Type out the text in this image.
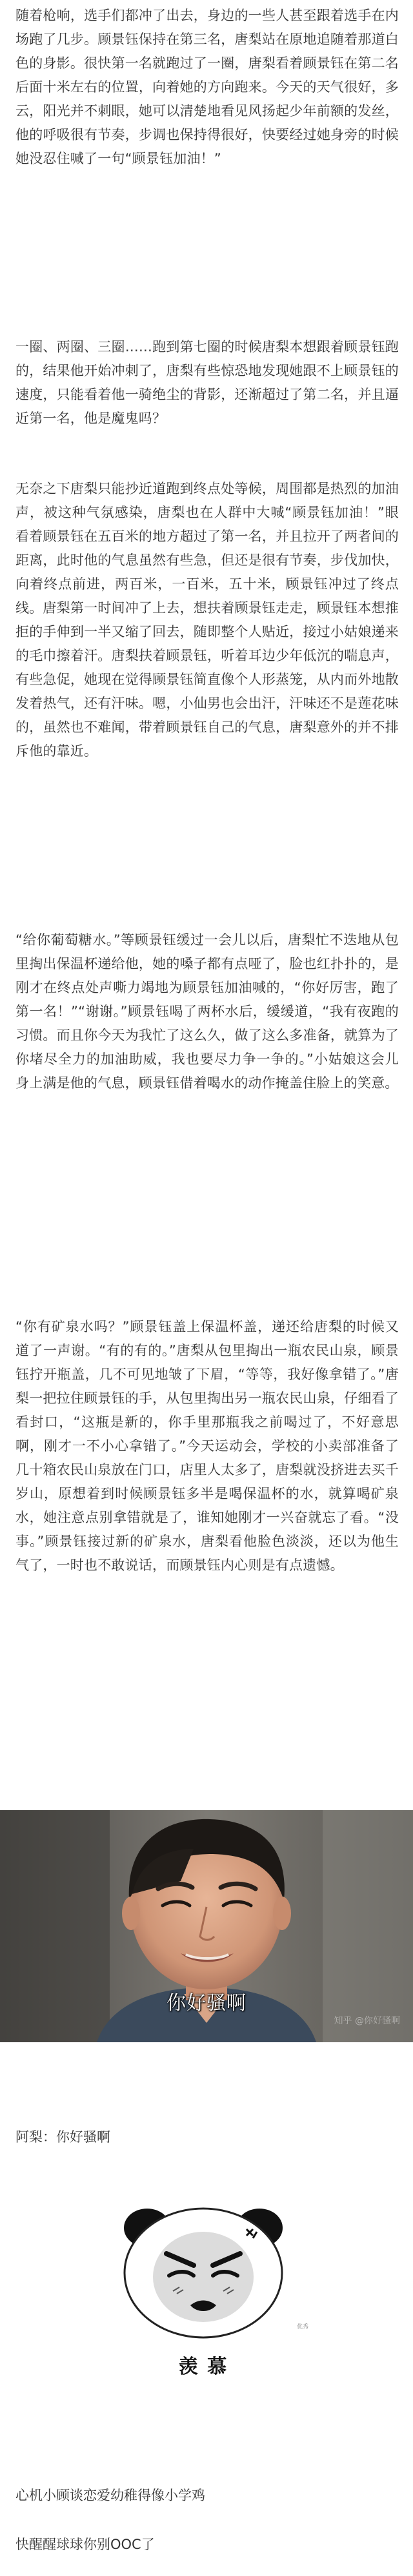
随着枪响，选手们都冲了出去，身边的一些人甚至跟着选手在内场跑了几步。顾景钰保持在第三名，唐梨站在原地追随着那道白色的身影。很快第一名就跑过了一圈，唐梨看着顾景钰在第二名后面十米左右的位置，向着她的方向跑来。今天的天气很好，多云，阳光并不刺眼，她可以清楚地看见风扬起少年前额的发丝，他的呼吸很有节奏，步调也保持得很好，快要经过她身旁的时候她没忍住喊了一句“顾景钰加油！”

一圈、两圈、三圈……跑到第七圈的时候唐梨本想跟着顾景钰跑的，结果他开始冲刺了，唐梨有些惊恐地发现她跟不上顾景钰的速度，只能看着他一骑绝尘的背影，还渐超过了第二名，并且逼近第一名，他是魔鬼吗？

无奈之下唐梨只能抄近道跑到终点处等候，周围都是热烈的加油声，被这种气氛感染，唐梨也在人群中大喊“顾景钰加油！”眼看着顾景钰在五百米的地方超过了第一名，并且拉开了两者间的距离，此时他的气息虽然有些急，但还是很有节奏，步伐加快，向着终点前进，两百米，一百米，五十米，顾景钰冲过了终点线。唐梨第一时间冲了上去，想扶着顾景钰走走，顾景钰本想推拒的手伸到一半又缩了回去，随即整个人贴近，接过小姑娘递来的毛巾擦着汗。唐梨扶着顾景钰，听着耳边少年低沉的喘息声，有些急促，她现在觉得顾景钰简直像个人形蒸笼，从内而外地散发着热气，还有汗味。嗯，小仙男也会出汗，汗味还不是莲花味的，虽然也不难闻，带着顾景钰自己的气息，唐梨意外的并不排斥他的靠近。

“给你葡萄糖水。”等顾景钰缓过一会儿以后，唐梨忙不迭地从包里掏出保温杯递给他，她的嗓子都有点哑了，脸也红扑扑的，是刚才在终点处声嘶力竭地为顾景钰加油喊的，“你好厉害，跑了第一名！”“谢谢。”顾景钰喝了两杯水后，缓缓道，“我有夜跑的习惯。而且你今天为我忙了这么久，做了这么多准备，就算为了你堵尽全力的加油助威，我也要尽力争一争的。”小姑娘这会儿身上满是他的气息，顾景钰借着喝水的动作掩盖住脸上的笑意。

“你有矿泉水吗？”顾景钰盖上保温杯盖，递还给唐梨的时候又道了一声谢。“有的有的。”唐梨从包里掏出一瓶农民山泉，顾景钰拧开瓶盖，几不可见地皱了下眉，“等等，我好像拿错了。”唐梨一把拉住顾景钰的手，从包里掏出另一瓶农民山泉，仔细看了看封口，“这瓶是新的，你手里那瓶我之前喝过了，不好意思啊，刚才一不小心拿错了。”今天运动会，学校的小卖部准备了几十箱农民山泉放在门口，店里人太多了，唐梨就没挤进去买千岁山，原想着到时候顾景钰多半是喝保温杯的水，就算喝矿泉水，她注意点别拿错就是了，谁知她刚才一兴奋就忘了看。“没事。”顾景钰接过新的矿泉水，唐梨看他脸色淡淡，还以为他生气了，一时也不敢说话，而顾景钰内心则是有点遗憾。

你好骚啊
知乎 @你好骚啊

阿梨：你好骚啊

优秀
羡 慕

心机小顾谈恋爱幼稚得像小学鸡

快醒醒球球你别OOC了
